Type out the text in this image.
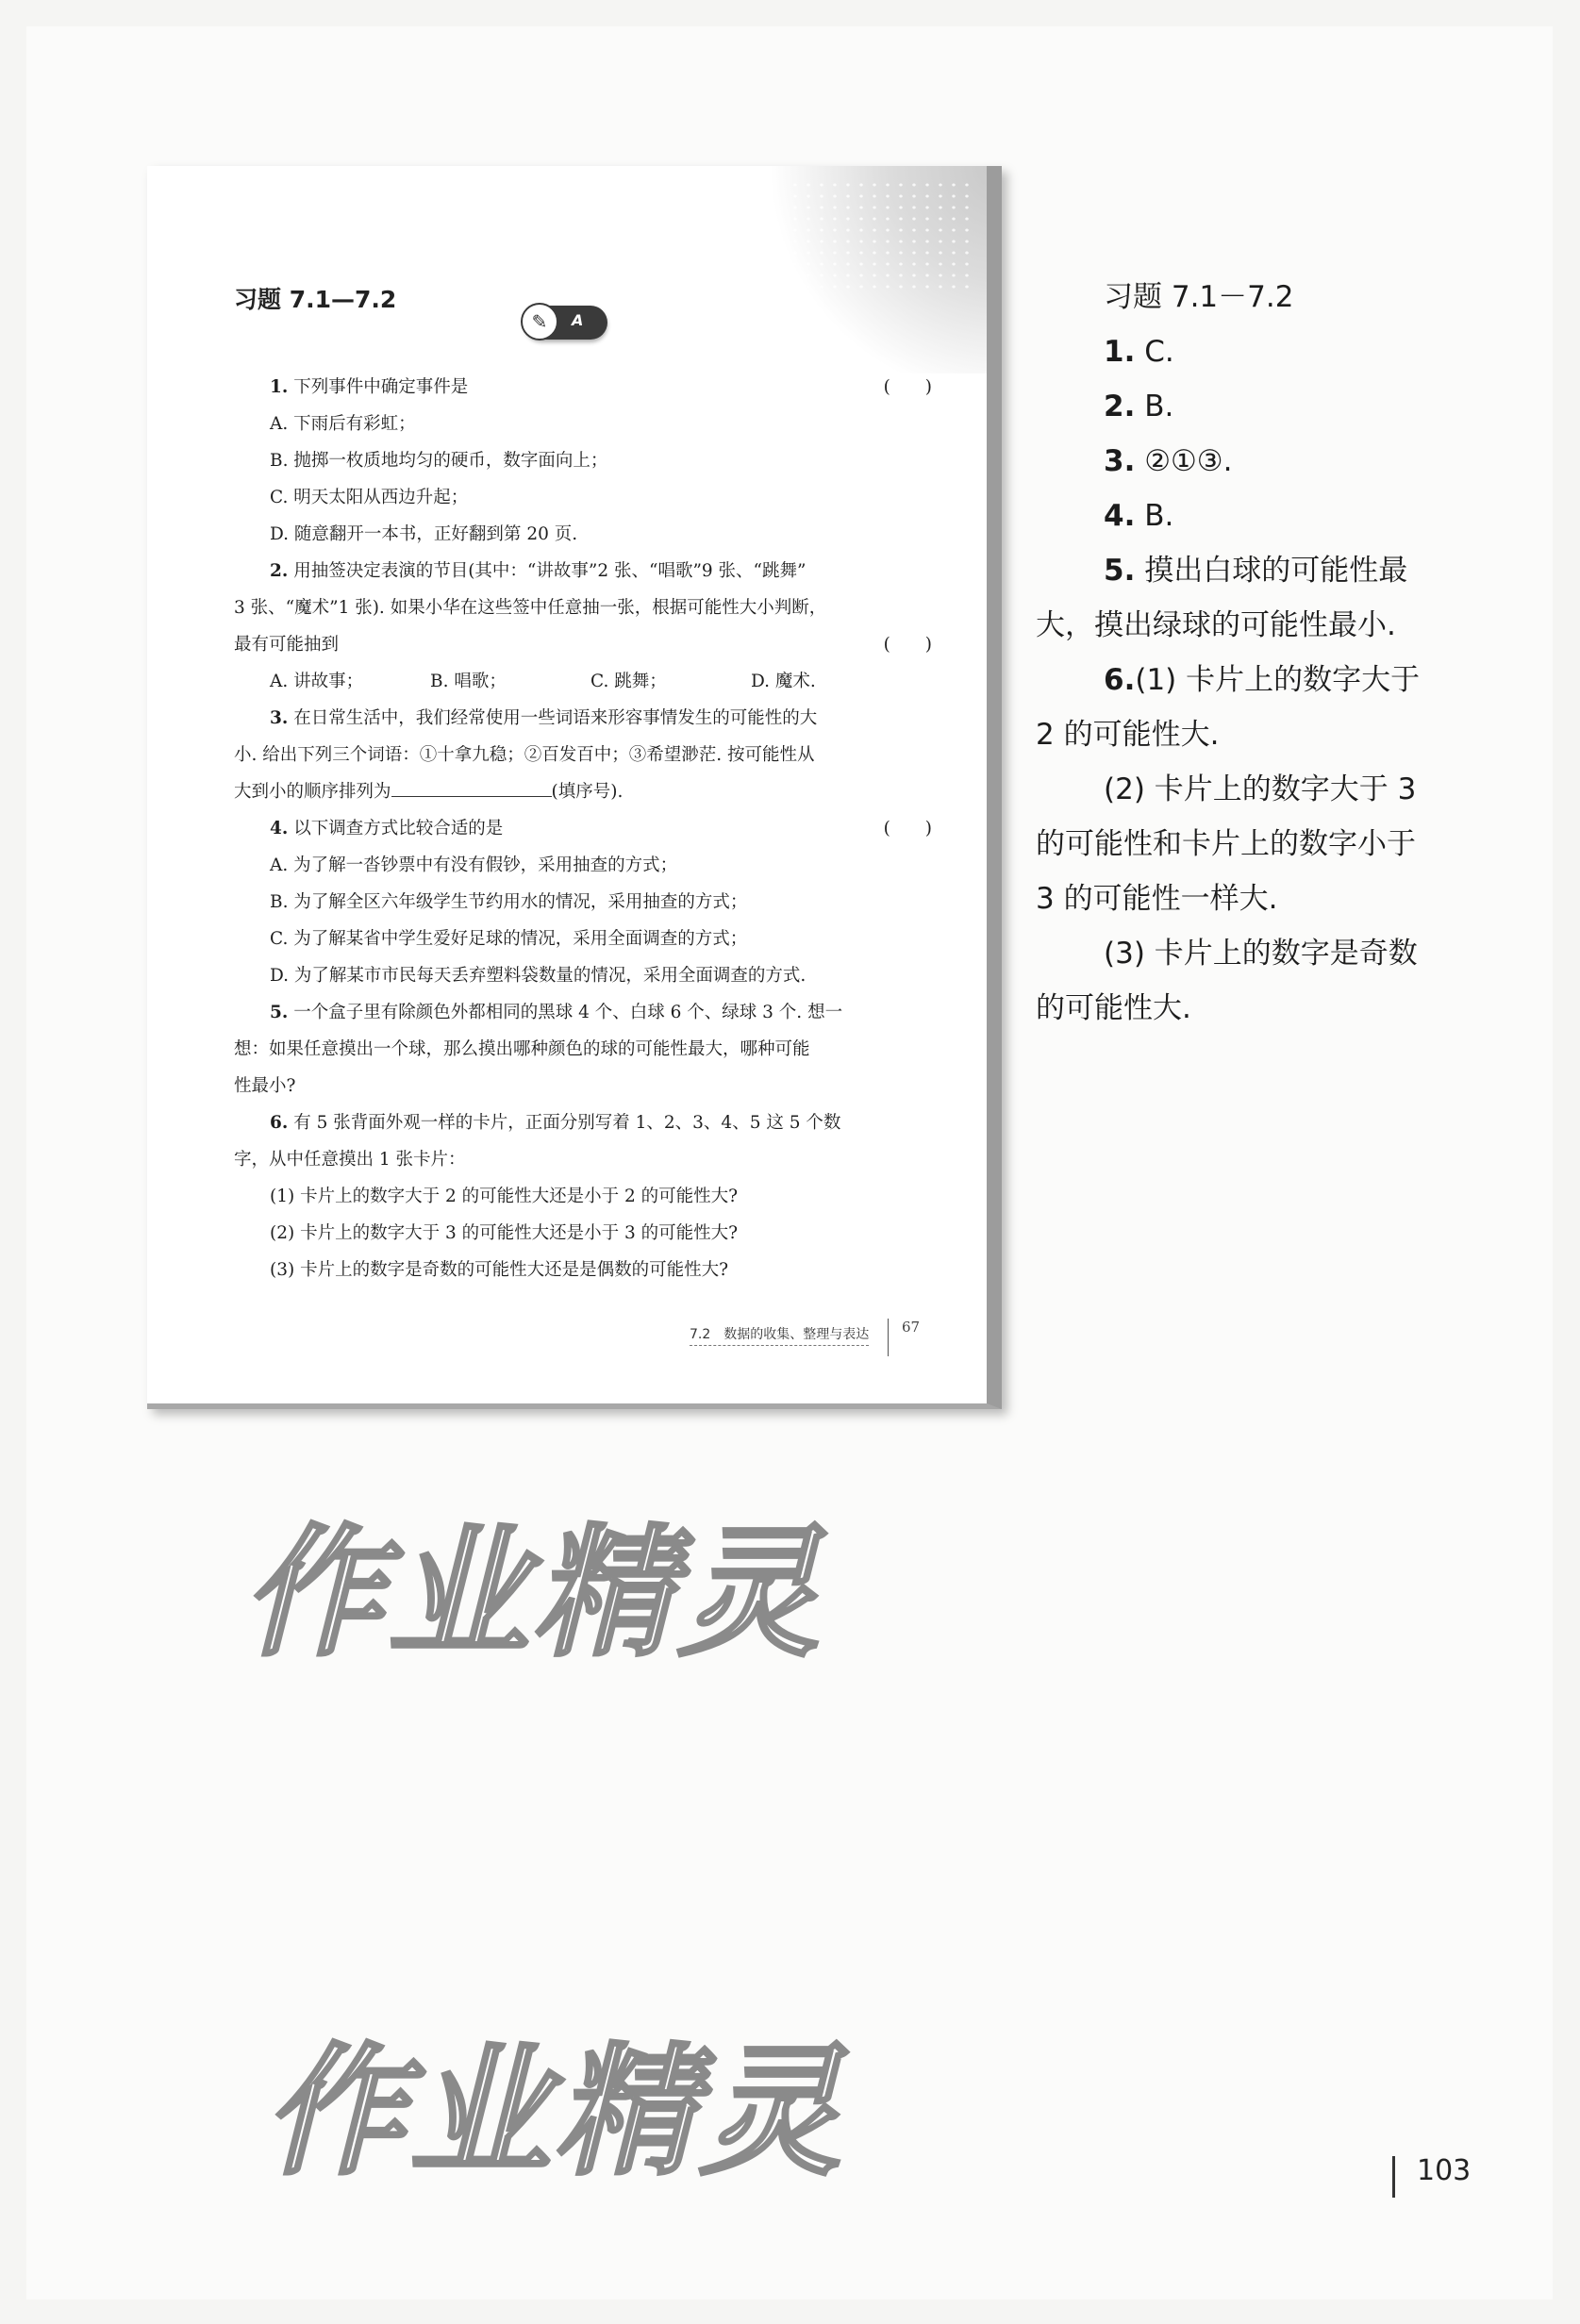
习题 7.1—7.2
✎	A
1. 下列事件中确定事件是	(　　)
A. 下雨后有彩虹；
B. 抛掷一枚质地均匀的硬币，数字面向上；
C. 明天太阳从西边升起；
D. 随意翻开一本书，正好翻到第 20 页.
2. 用抽签决定表演的节目(其中：“讲故事”2 张、“唱歌”9 张、“跳舞”
3 张、“魔术”1 张). 如果小华在这些签中任意抽一张，根据可能性大小判断，
最有可能抽到	(　　)
A. 讲故事；	B. 唱歌；	C. 跳舞；	D. 魔术.
3. 在日常生活中，我们经常使用一些词语来形容事情发生的可能性的大
小. 给出下列三个词语：①十拿九稳；②百发百中；③希望渺茫. 按可能性从
大到小的顺序排列为	(填序号).
4. 以下调查方式比较合适的是	(　　)
A. 为了解一沓钞票中有没有假钞，采用抽查的方式；
B. 为了解全区六年级学生节约用水的情况，采用抽查的方式；
C. 为了解某省中学生爱好足球的情况，采用全面调查的方式；
D. 为了解某市市民每天丢弃塑料袋数量的情况，采用全面调查的方式.
5. 一个盒子里有除颜色外都相同的黑球 4 个、白球 6 个、绿球 3 个. 想一
想：如果任意摸出一个球，那么摸出哪种颜色的球的可能性最大，哪种可能
性最小?
6. 有 5 张背面外观一样的卡片，正面分别写着 1、2、3、4、5 这 5 个数
字，从中任意摸出 1 张卡片：
(1) 卡片上的数字大于 2 的可能性大还是小于 2 的可能性大?
(2) 卡片上的数字大于 3 的可能性大还是小于 3 的可能性大?
(3) 卡片上的数字是奇数的可能性大还是是偶数的可能性大?
7.2　数据的收集、整理与表达 67
习题 7.1－7.2
1. C.
2. B.
3. ②①③.
4. B.
5. 摸出白球的可能性最
大，摸出绿球的可能性最小.
6.(1) 卡片上的数字大于
2 的可能性大.
(2) 卡片上的数字大于 3
的可能性和卡片上的数字小于
3 的可能性一样大.
(3) 卡片上的数字是奇数
的可能性大.
作业精灵
作业精灵	103
